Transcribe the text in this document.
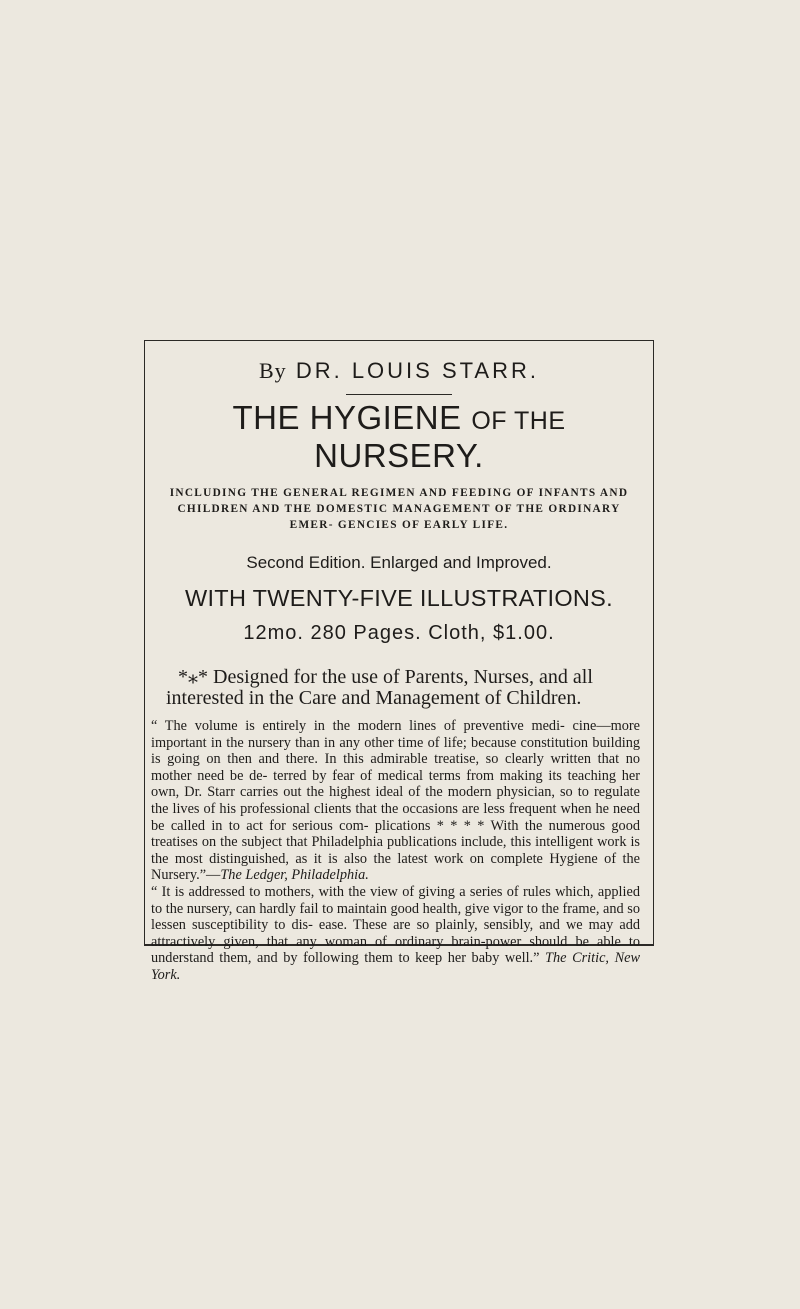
By DR. LOUIS STARR.
THE HYGIENE OF THE NURSERY.
INCLUDING THE GENERAL REGIMEN AND FEEDING OF INFANTS AND CHILDREN AND THE DOMESTIC MANAGEMENT OF THE ORDINARY EMER- GENCIES OF EARLY LIFE.
Second Edition. Enlarged and Improved.
WITH TWENTY-FIVE ILLUSTRATIONS.
12mo. 280 Pages. Cloth, $1.00.
*⁎* Designed for the use of Parents, Nurses, and all interested in the Care and Management of Children.

“ The volume is entirely in the modern lines of preventive medi- cine—more important in the nursery than in any other time of life; because constitution building is going on then and there. In this admirable treatise, so clearly written that no mother need be de- terred by fear of medical terms from making its teaching her own, Dr. Starr carries out the highest ideal of the modern physician, so to regulate the lives of his professional clients that the occasions are less frequent when he need be called in to act for serious com- plications * * * * With the numerous good treatises on the subject that Philadelphia publications include, this intelligent work is the most distinguished, as it is also the latest work on complete Hygiene of the Nursery.”—The Ledger, Philadelphia.

“ It is addressed to mothers, with the view of giving a series of rules which, applied to the nursery, can hardly fail to maintain good health, give vigor to the frame, and so lessen susceptibility to dis- ease. These are so plainly, sensibly, and we may add attractively given, that any woman of ordinary brain-power should be able to understand them, and by following them to keep her baby well.” The Critic, New York.
